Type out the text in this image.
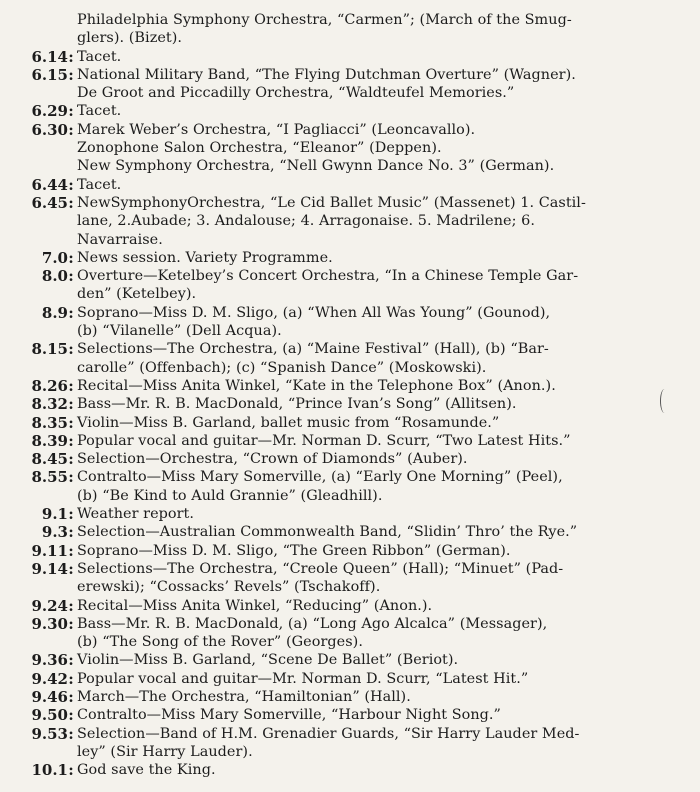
Philadelphia Symphony Orchestra, “Carmen”; (March of the Smug-
glers). (Bizet).
6.14 : Tacet.
6.15 : National Military Band, “The Flying Dutchman Overture” (Wagner).
De Groot and Piccadilly Orchestra, “Waldteufel Memories.”
6.29 : Tacet.
6.30 : Marek Weber’s Orchestra, “I Pagliacci” (Leoncavallo).
Zonophone Salon Orchestra, “Eleanor” (Deppen).
New Symphony Orchestra, “Nell Gwynn Dance No. 3” (German).
6.44 : Tacet.
6.45 : NewSymphonyOrchestra, “Le Cid Ballet Music” (Massenet) 1. Castil-
lane, 2.Aubade; 3. Andalouse; 4. Arragonaise. 5. Madrilene; 6.
Navarraise.
7.0 : News session. Variety Programme.
8.0 : Overture—Ketelbey’s Concert Orchestra, “In a Chinese Temple Gar-
den” (Ketelbey).
8.9 : Soprano—Miss D. M. Sligo, (a) “When All Was Young” (Gounod),
(b) “Vilanelle” (Dell Acqua).
8.15 : Selections—The Orchestra, (a) “Maine Festival” (Hall), (b) “Bar-
carolle” (Offenbach); (c) “Spanish Dance” (Moskowski).
8.26 : Recital—Miss Anita Winkel, “Kate in the Telephone Box” (Anon.).
8.32 : Bass—Mr. R. B. MacDonald, “Prince Ivan’s Song” (Allitsen).
8.35 : Violin—Miss B. Garland, ballet music from “Rosamunde.”
8.39 : Popular vocal and guitar—Mr. Norman D. Scurr, “Two Latest Hits.”
8.45 : Selection—Orchestra, “Crown of Diamonds” (Auber).
8.55 : Contralto—Miss Mary Somerville, (a) “Early One Morning” (Peel),
(b) “Be Kind to Auld Grannie” (Gleadhill).
9.1 : Weather report.
9.3 : Selection—Australian Commonwealth Band, “Slidin’ Thro’ the Rye.”
9.11 : Soprano—Miss D. M. Sligo, “The Green Ribbon” (German).
9.14 : Selections—The Orchestra, “Creole Queen” (Hall); “Minuet” (Pad-
erewski); “Cossacks’ Revels” (Tschakoff).
9.24 : Recital—Miss Anita Winkel, “Reducing” (Anon.).
9.30 : Bass—Mr. R. B. MacDonald, (a) “Long Ago Alcalca” (Messager),
(b) “The Song of the Rover” (Georges).
9.36 : Violin—Miss B. Garland, “Scene De Ballet” (Beriot).
9.42 : Popular vocal and guitar—Mr. Norman D. Scurr, “Latest Hit.”
9.46 : March—The Orchestra, “Hamiltonian” (Hall).
9.50 : Contralto—Miss Mary Somerville, “Harbour Night Song.”
9.53 : Selection—Band of H.M. Grenadier Guards, “Sir Harry Lauder Med-
ley” (Sir Harry Lauder).
10.1 : God save the King.
